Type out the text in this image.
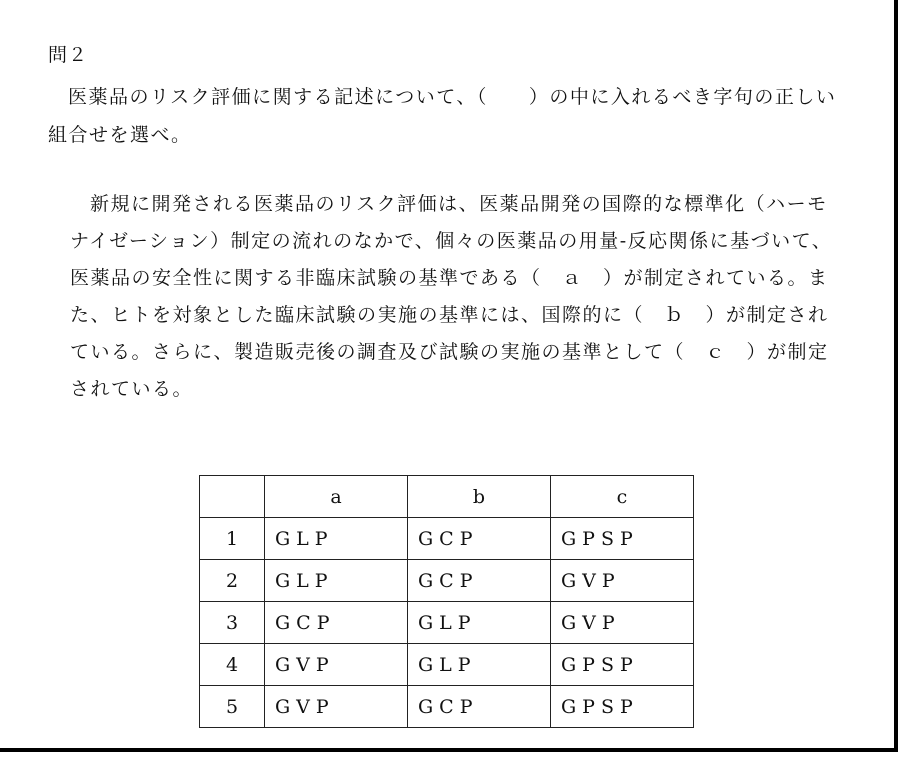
問２

医薬品のリスク評価に関する記述について、（　　）の中に入れるべき字句の正しい組合せを選べ。

新規に開発される医薬品のリスク評価は、医薬品開発の国際的な標準化（ハーモナイゼーション）制定の流れのなかで、個々の医薬品の用量-反応関係に基づいて、医薬品の安全性に関する非臨床試験の基準である（　ａ　）が制定されている。また、ヒトを対象とした臨床試験の実施の基準には、国際的に（　ｂ　）が制定されている。さらに、製造販売後の調査及び試験の実施の基準として（　ｃ　）が制定されている。

	a	b	c
1	GLP	GCP	GPSP
2	GLP	GCP	GVP
3	GCP	GLP	GVP
4	GVP	GLP	GPSP
5	GVP	GCP	GPSP
